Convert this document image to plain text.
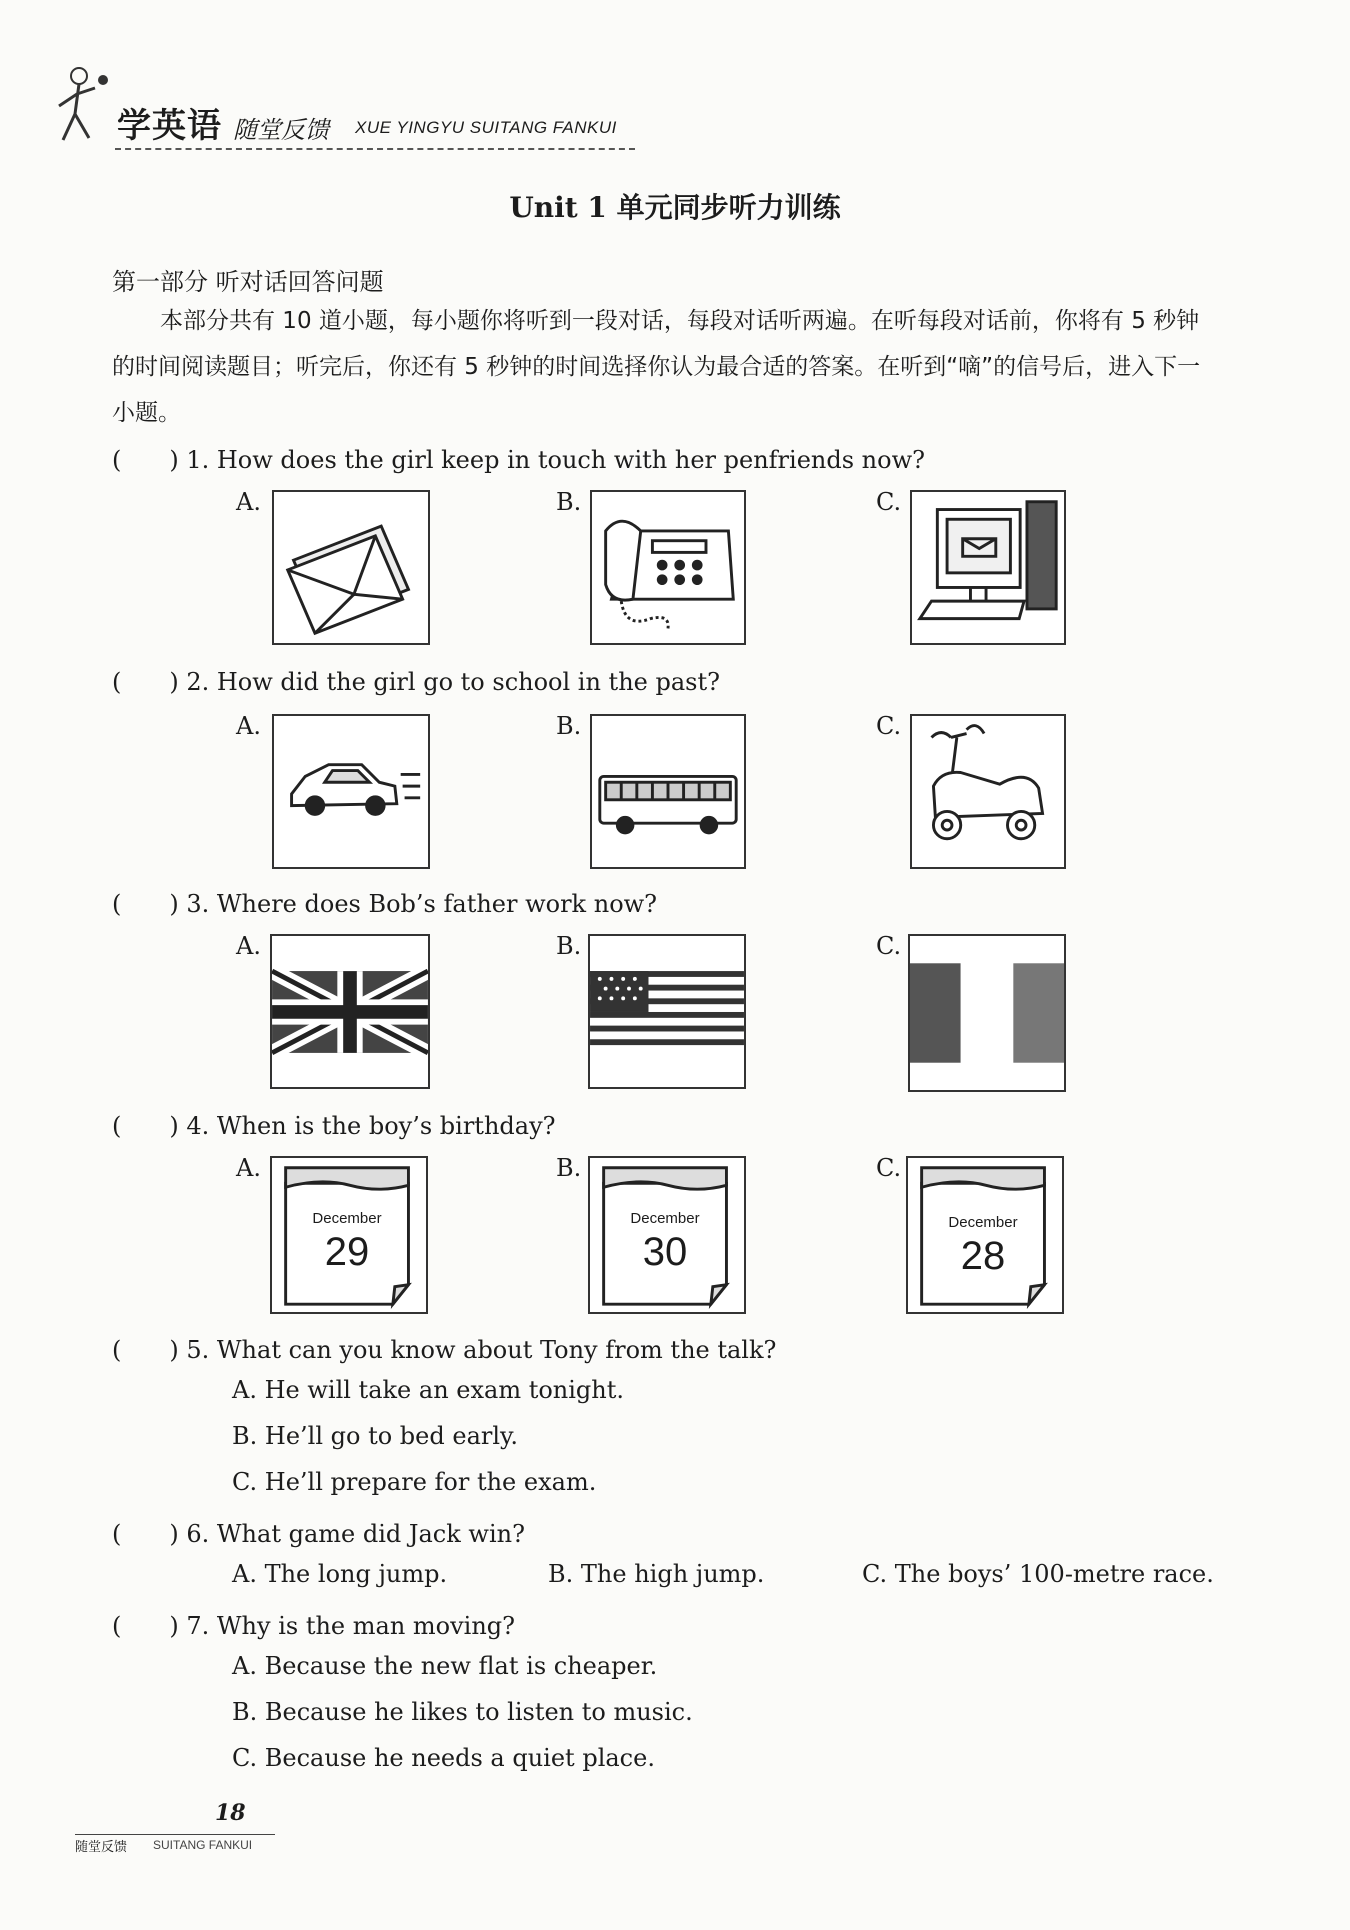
学英语 随堂反馈 XUE YINGYU SUITANG FANKUI
Unit 1 单元同步听力训练
第一部分 听对话回答问题
本部分共有 10 道小题，每小题你将听到一段对话，每段对话听两遍。在听每段对话前，你将有 5 秒钟的时间阅读题目；听完后，你还有 5 秒钟的时间选择你认为最合适的答案。在听到“嘀”的信号后，进入下一小题。
(　　) 1. How does the girl keep in touch with her penfriends now?
A.	B.	C.
(　　) 2. How did the girl go to school in the past?
A.	B.	C.
(　　) 3. Where does Bob’s father work now?
A.	B.	C.
(　　) 4. When is the boy’s birthday?
A.
December
29
B.
December
30
C.
December
28
(　　) 5. What can you know about Tony from the talk?
A. He will take an exam tonight.
B. He’ll go to bed early.
C. He’ll prepare for the exam.
(　　) 6. What game did Jack win?
A. The long jump.	B. The high jump.	C. The boys’ 100-metre race.
(　　) 7. Why is the man moving?
A. Because the new flat is cheaper.
B. Because he likes to listen to music.
C. Because he needs a quiet place.
18
随堂反馈 SUITANG FANKUI
